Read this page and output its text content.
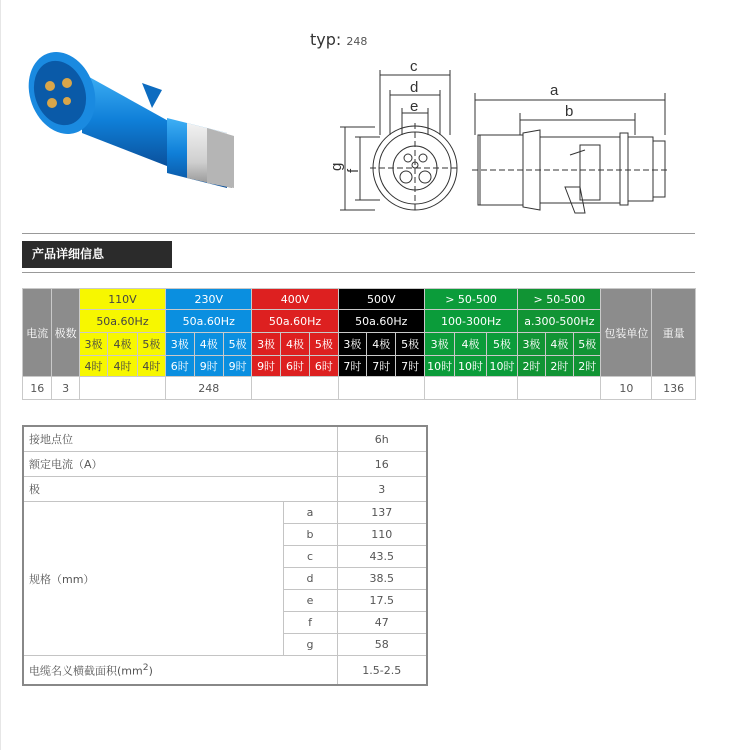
typ: 248
c
d
e
g f
a
b
产品详细信息
电流	极数	110V			230V			400V			500V			> 50-500			> 50-500			包装单位	重量
		50a.60Hz			50a.60Hz			50a.60Hz			50a.60Hz			100-300Hz			a.300-500Hz				
		3极	4极	5极	3极	4极	5极	3极	4极	5极	3极	4极	5极	3极	4极	5极	3极	4极	5极		
		4时	4时	4时	6时	9时	9时	9时	6时	6时	7时	7时	7时	10时	10时	10时	2时	2时	2时		
16	3				248															10	136
接地点位		6h
额定电流（A）		16
极		3
规格（mm）	a	137
	b	110
	c	43.5
	d	38.5
	e	17.5
	f	47
	g	58
电缆名义横截面积$(mm^2)$		1.5-2.5
